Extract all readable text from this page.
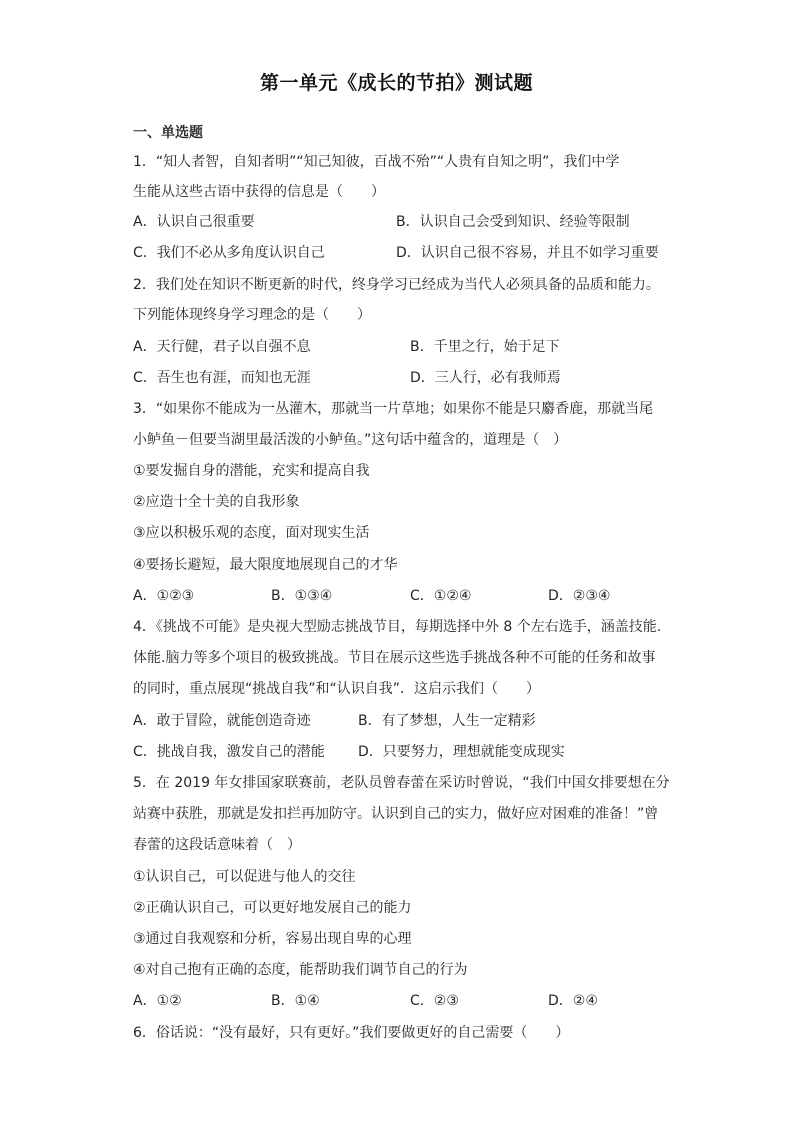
第一单元《成长的节拍》测试题
一、单选题
1．“知人者智，自知者明”“知己知彼，百战不殆”“人贵有自知之明”，我们中学
生能从这些古语中获得的信息是（　　）
A．认识自己很重要	B．认识自己会受到知识、经验等限制
C．我们不必从多角度认识自己	D．认识自己很不容易，并且不如学习重要
2．我们处在知识不断更新的时代，终身学习已经成为当代人必须具备的品质和能力。
下列能体现终身学习理念的是（　　）
A．天行健，君子以自强不息	B．千里之行，始于足下
C．吾生也有涯，而知也无涯	D．三人行，必有我师焉
3．“如果你不能成为一丛灌木，那就当一片草地；如果你不能是只麝香鹿，那就当尾
小鲈鱼－但要当湖里最活泼的小鲈鱼。”这句话中蕴含的，道理是（　）
①要发掘自身的潜能，充实和提高自我
②应造十全十美的自我形象
③应以积极乐观的态度，面对现实生活
④要扬长避短，最大限度地展现自己的才华
A．①②③	B．①③④	C．①②④	D．②③④
4．《挑战不可能》是央视大型励志挑战节目，每期选择中外 8 个左右选手，涵盖技能.
体能.脑力等多个项目的极致挑战。节目在展示这些选手挑战各种不可能的任务和故事
的同时，重点展现“挑战自我”和“认识自我”．这启示我们（　　）
A．敢于冒险，就能创造奇迹	B．有了梦想，人生一定精彩
C．挑战自我，激发自己的潜能 D．只要努力，理想就能变成现实
5．在 2019 年女排国家联赛前，老队员曾春蕾在采访时曾说，“我们中国女排要想在分
站赛中获胜，那就是发扣拦再加防守。认识到自己的实力，做好应对困难的准备！”曾
春蕾的这段话意味着（　）
①认识自己，可以促进与他人的交往
②正确认识自己，可以更好地发展自己的能力
③通过自我观察和分析，容易出现自卑的心理
④对自己抱有正确的态度，能帮助我们调节自己的行为
A．①②	B．①④	C．②③	D．②④
6．俗话说：“没有最好，只有更好。”我们要做更好的自己需要（　　）
